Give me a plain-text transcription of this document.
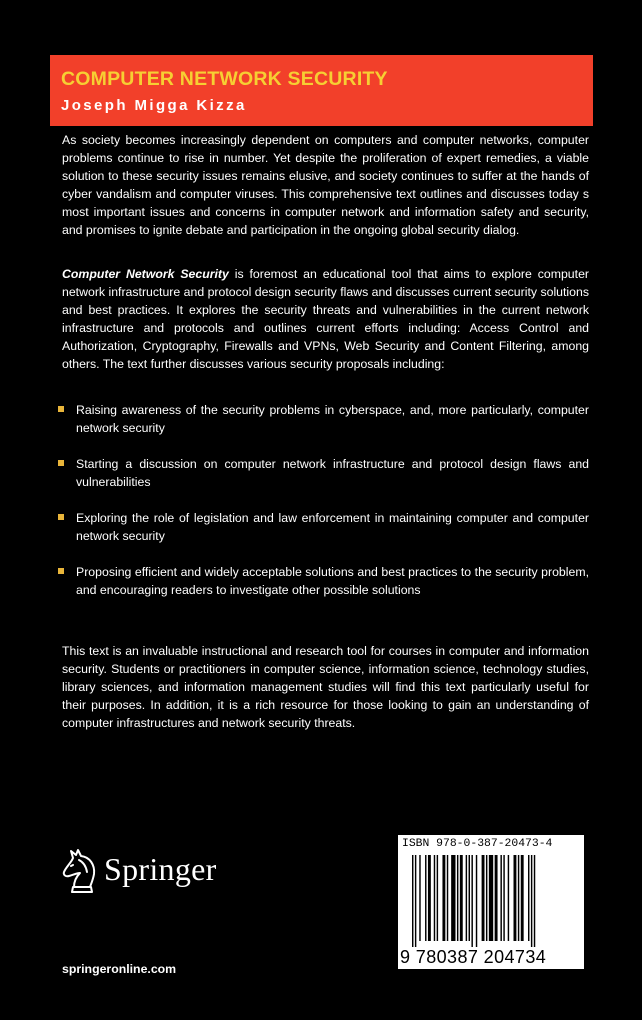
COMPUTER NETWORK SECURITY
Joseph Migga Kizza
As society becomes increasingly dependent on computers and computer networks, computer problems continue to rise in number. Yet despite the proliferation of expert remedies, a viable solution to these security issues remains elusive, and society continues to suffer at the hands of cyber vandalism and computer viruses. This comprehensive text outlines and discusses today s most important issues and concerns in computer network and information safety and security, and promises to ignite debate and participation in the ongoing global security dialog.
Computer Network Security is foremost an educational tool that aims to explore computer network infrastructure and protocol design security flaws and discusses current security solutions and best practices. It explores the security threats and vulnerabilities in the current network infrastructure and protocols and outlines current efforts including: Access Control and Authorization, Cryptography, Firewalls and VPNs, Web Security and Content Filtering, among others. The text further discusses various security proposals including:
Raising awareness of the security problems in cyberspace, and, more particularly, computer network security
Starting a discussion on computer network infrastructure and protocol design flaws and vulnerabilities
Exploring the role of legislation and law enforcement in maintaining computer and computer network security
Proposing efficient and widely acceptable solutions and best practices to the security problem, and encouraging readers to investigate other possible solutions
This text is an invaluable instructional and research tool for courses in computer and information security. Students or practitioners in computer science, information science, technology studies, library sciences, and information management studies will find this text particularly useful for their purposes. In addition, it is a rich resource for those looking to gain an understanding of computer infrastructures and network security threats.
Springer
springeronline.com
ISBN 978-0-387-20473-4
9 780387 204734
